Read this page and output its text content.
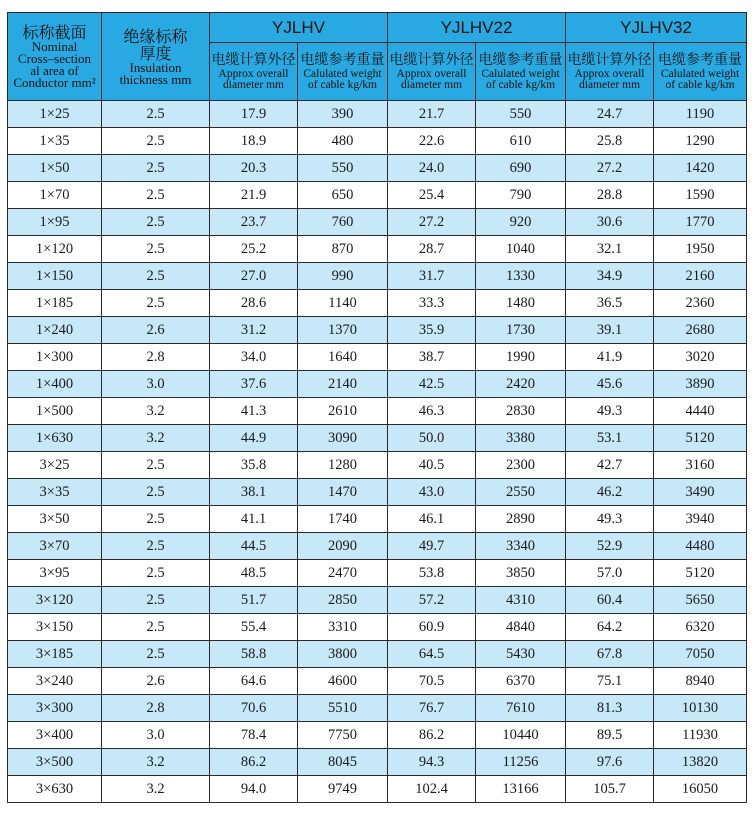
标称截面
Nominal
Cross–section
al area of
Conductor mm²	绝缘标称
厚度
Insulation
thickness mm	YJLHV		YJLHV22		YJLHV32	

		电缆计算外径
Approx overall
diameter mm	电缆参考重量
Calulated weight
of cable kg/km	电缆计算外径
Approx overall
diameter mm	电缆参考重量
Calulated weight
of cable kg/km	电缆计算外径
Approx overall
diameter mm	电缆参考重量
Calulated weight
of cable kg/km

1×25	2.5	17.9	390	21.7	550	24.7	1190
1×35	2.5	18.9	480	22.6	610	25.8	1290
1×50	2.5	20.3	550	24.0	690	27.2	1420
1×70	2.5	21.9	650	25.4	790	28.8	1590
1×95	2.5	23.7	760	27.2	920	30.6	1770
1×120	2.5	25.2	870	28.7	1040	32.1	1950
1×150	2.5	27.0	990	31.7	1330	34.9	2160
1×185	2.5	28.6	1140	33.3	1480	36.5	2360
1×240	2.6	31.2	1370	35.9	1730	39.1	2680
1×300	2.8	34.0	1640	38.7	1990	41.9	3020
1×400	3.0	37.6	2140	42.5	2420	45.6	3890
1×500	3.2	41.3	2610	46.3	2830	49.3	4440
1×630	3.2	44.9	3090	50.0	3380	53.1	5120
3×25	2.5	35.8	1280	40.5	2300	42.7	3160
3×35	2.5	38.1	1470	43.0	2550	46.2	3490
3×50	2.5	41.1	1740	46.1	2890	49.3	3940
3×70	2.5	44.5	2090	49.7	3340	52.9	4480
3×95	2.5	48.5	2470	53.8	3850	57.0	5120
3×120	2.5	51.7	2850	57.2	4310	60.4	5650
3×150	2.5	55.4	3310	60.9	4840	64.2	6320
3×185	2.5	58.8	3800	64.5	5430	67.8	7050
3×240	2.6	64.6	4600	70.5	6370	75.1	8940
3×300	2.8	70.6	5510	76.7	7610	81.3	10130
3×400	3.0	78.4	7750	86.2	10440	89.5	11930
3×500	3.2	86.2	8045	94.3	11256	97.6	13820
3×630	3.2	94.0	9749	102.4	13166	105.7	16050
